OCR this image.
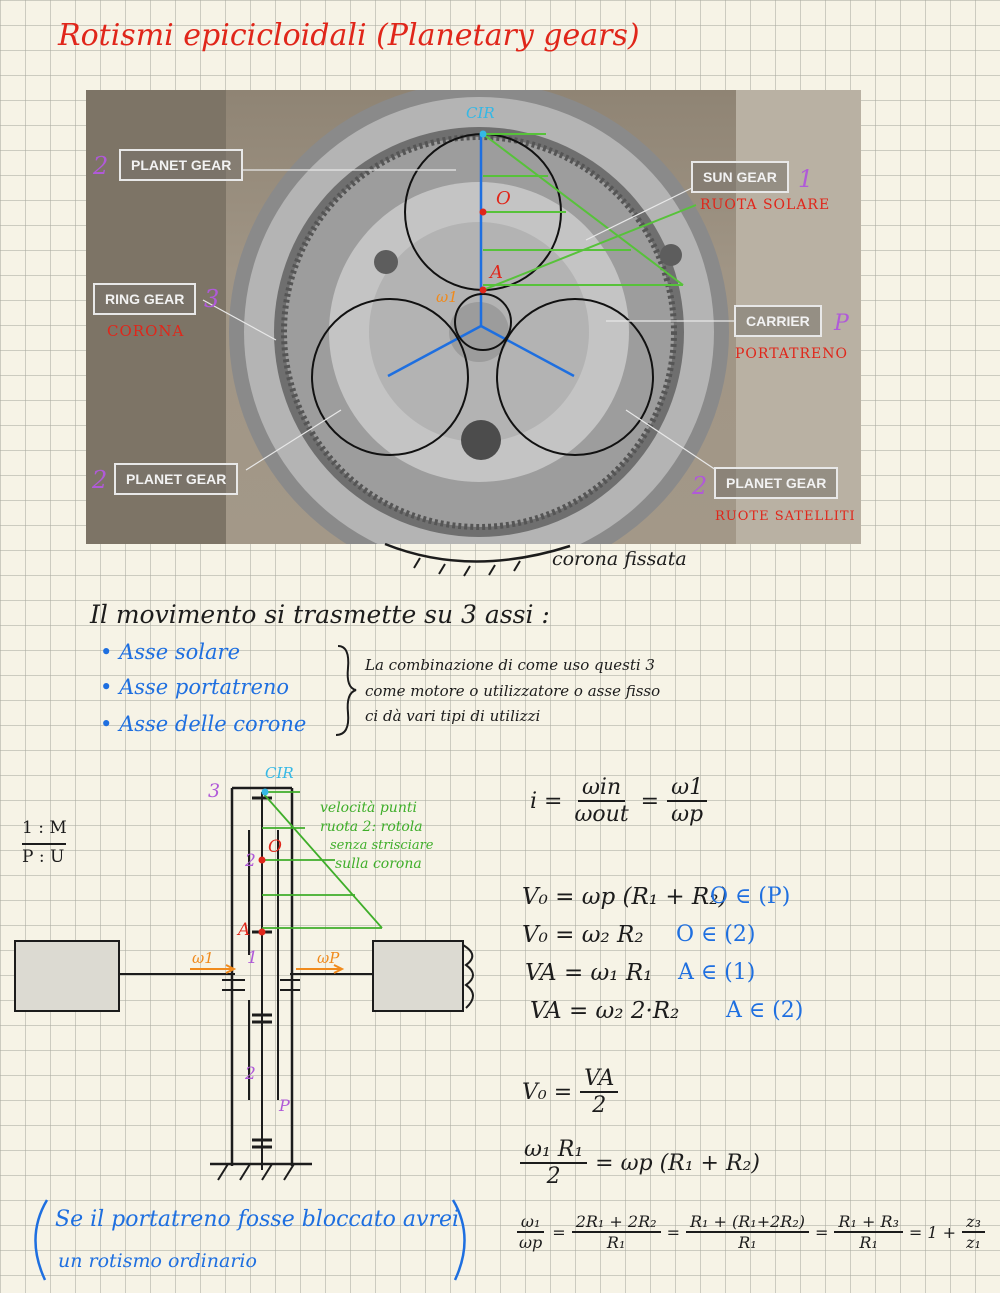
Rotismi epicicloidali (Planetary gears)
PLANET GEAR
SUN GEAR
RING GEAR
CARRIER
PLANET GEAR	PLANET GEAR
CIR
O
A
ω1
2	1
RUOTA SOLARE
3
CORONA	P
PORTATRENO
2	2
RUOTE SATELLITI
corona fissata
Il movimento si trasmette su 3 assi :
• Asse solare
• Asse portatreno
• Asse delle corone
La combinazione di come uso questi 3
come motore o utilizzatore o asse fisso
ci dà vari tipi di utilizzi
1 : M
P : U
CIR
3
2
O
A
1
ω1	ωP
2
P
velocità punti
ruota 2: rotola
senza strisciare
sulla corona
$i = \frac{\text{ωin}}{\text{ωout}} = \frac{\omega 1}{\omega p}$
V₀ = ωp (R₁ + R₂)
O ∈ (P)
V₀ = ω₂ R₂ O ∈ (2)
VA = ω₁ R₁ A ∈ (1)
VA = ω₂ 2·R₂ A ∈ (2)
$V_0 = \frac{VA}{2}$
$\frac{\text{ω₁ R₁}}{2} = \omega p$ (R₁ + R₂)
$\frac{\text{ω₁}}{\omega p} = \frac{\text{2R₁ + 2R₂}}{\text{R₁}} = \frac{\text{R₁ + (R₁+2R₂)}}{\text{R₁}} = \frac{\text{R₁ + R₃}}{\text{R₁}} = 1 + \frac{\text{z₃}}{\text{z₁}}$
Se il portatreno fosse bloccato avrei
un rotismo ordinario
